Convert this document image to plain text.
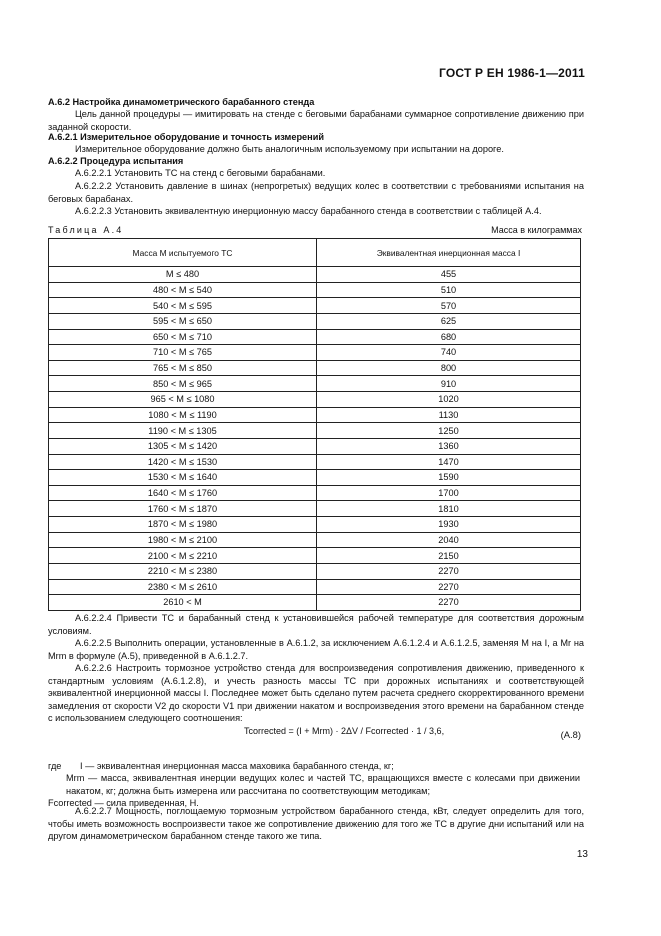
ГОСТ Р ЕН 1986-1—2011
А.6.2 Настройка динамометрического барабанного стенда
Цель данной процедуры — имитировать на стенде с беговыми барабанами суммарное сопротивление движению при заданной скорости.
А.6.2.1 Измерительное оборудование и точность измерений
Измерительное оборудование должно быть аналогичным используемому при испытании на дороге.
А.6.2.2 Процедура испытания
А.6.2.2.1 Установить ТС на стенд с беговыми барабанами.
А.6.2.2.2 Установить давление в шинах (непрогретых) ведущих колес в соответствии с требованиями испытания на беговых барабанах.
А.6.2.2.3 Установить эквивалентную инерционную массу барабанного стенда в соответствии с таблицей А.4.
Таблица А.4	Масса в килограммах
Масса M испытуемого ТС	Эквивалентная инерционная масса I
M ≤ 480	455
480 < M ≤ 540	510
540 < M ≤ 595	570
595 < M ≤ 650	625
650 < M ≤ 710	680
710 < M ≤ 765	740
765 < M ≤ 850	800
850 < M ≤ 965	910
965 < M ≤ 1080	1020
1080 < M ≤ 1190	1130
1190 < M ≤ 1305	1250
1305 < M ≤ 1420	1360
1420 < M ≤ 1530	1470
1530 < M ≤ 1640	1590
1640 < M ≤ 1760	1700
1760 < M ≤ 1870	1810
1870 < M ≤ 1980	1930
1980 < M ≤ 2100	2040
2100 < M ≤ 2210	2150
2210 < M ≤ 2380	2270
2380 < M ≤ 2610	2270
2610 < M	2270
А.6.2.2.4 Привести ТС и барабанный стенд к установившейся рабочей температуре для соответствия дорожным условиям.
А.6.2.2.5 Выполнить операции, установленные в А.6.1.2, за исключением А.6.1.2.4 и А.6.1.2.5, заменяя M на I, а Mr на Mrm в формуле (А.5), приведенной в А.6.1.2.7.
А.6.2.2.6 Настроить тормозное устройство стенда для воспроизведения сопротивления движению, приведенного к стандартным условиям (А.6.1.2.8), и учесть разность массы ТС при дорожных испытаниях и соответствующей эквивалентной инерционной массы I. Последнее может быть сделано путем расчета среднего скорректированного времени замедления от скорости V2 до скорости V1 при движении накатом и воспроизведения этого времени на барабанном стенде с использованием следующего соотношения:
Tcorrected = (I + Mrm) · 2ΔV / Fcorrected · 1 / 3,6,	(А.8)
где I — эквивалентная инерционная масса маховика барабанного стенда, кг;
Mrm — масса, эквивалентная инерции ведущих колес и частей ТС, вращающихся вместе с колесами при движении накатом, кг; должна быть измерена или рассчитана по соответствующим методикам;
Fcorrected — сила приведенная, Н.
А.6.2.2.7 Мощность, поглощаемую тормозным устройством барабанного стенда, кВт, следует определить для того, чтобы иметь возможность воспроизвести такое же сопротивление движению для того же ТС в другие дни испытаний или на другом динамометрическом барабанном стенде такого же типа.
13
